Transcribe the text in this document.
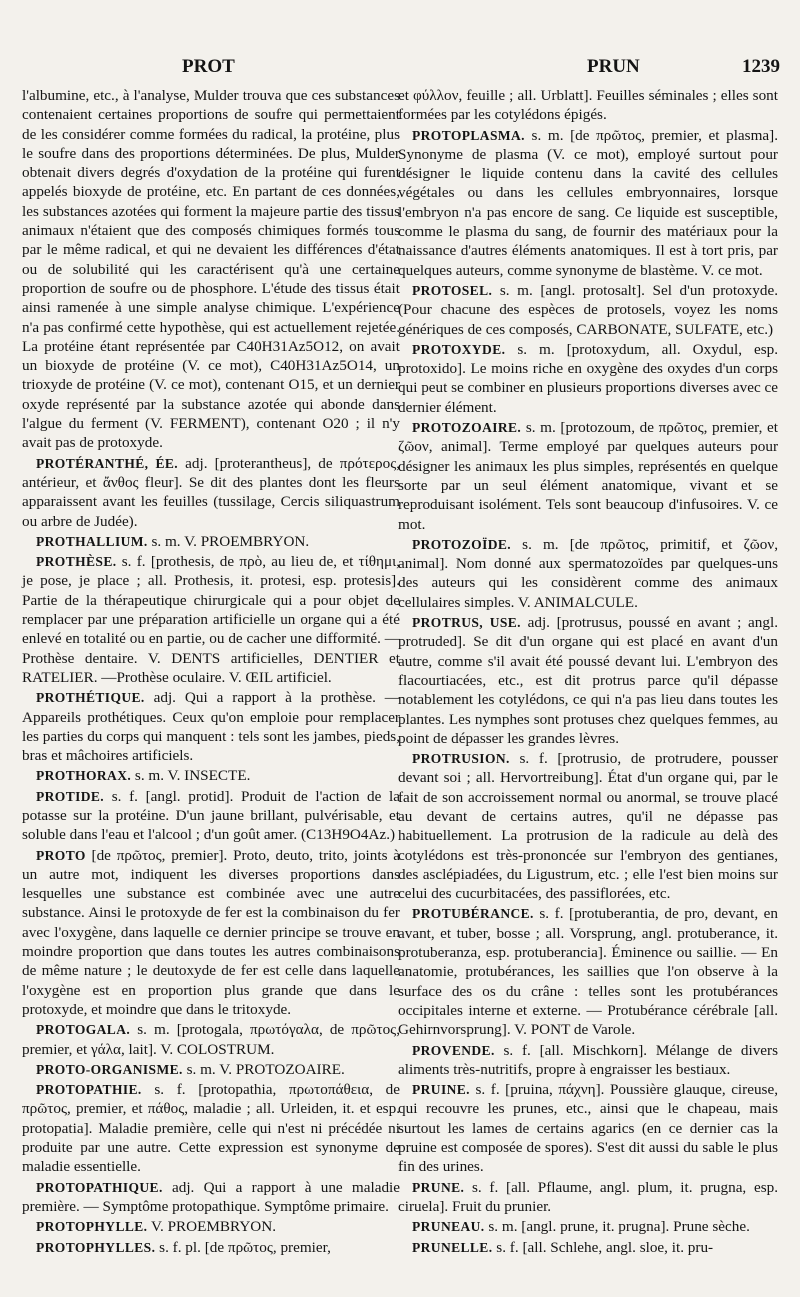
PROT	PRUN	1239

l'albumine, etc., à l'analyse, Mulder trouva que ces substances contenaient certaines proportions de soufre qui permettaient de les considérer comme formées du radical, la protéine, plus le soufre dans des proportions déterminées. De plus, Mulder obtenait divers degrés d'oxydation de la protéine qui furent appelés bioxyde de protéine, etc. En partant de ces données, les substances azotées qui forment la majeure partie des tissus animaux n'étaient que des composés chimiques formés tous par le même radical, et qui ne devaient les différences d'état ou de solubilité qui les caractérisent qu'à une certaine proportion de soufre ou de phosphore. L'étude des tissus était ainsi ramenée à une simple analyse chimique. L'expérience n'a pas confirmé cette hypothèse, qui est actuellement rejetée. La protéine étant représentée par C40H31Az5O12, on avait un bioxyde de protéine (V. ce mot), C40H31Az5O14, un trioxyde de protéine (V. ce mot), contenant O15, et un dernier oxyde représenté par la substance azotée qui abonde dans l'algue du ferment (V. FERMENT), contenant O20 ; il n'y avait pas de protoxyde.

PROTÉRANTHÉ, ÉE. adj. [proterantheus], de πρότερος, antérieur, et ἄνθος fleur]. Se dit des plantes dont les fleurs apparaissent avant les feuilles (tussilage, Cercis siliquastrum ou arbre de Judée).

PROTHALLIUM. s. m. V. PROEMBRYON.

PROTHÈSE. s. f. [prothesis, de πρὸ, au lieu de, et τίθημι, je pose, je place ; all. Prothesis, it. protesi, esp. protesis]. Partie de la thérapeutique chirurgicale qui a pour objet de remplacer par une préparation artificielle un organe qui a été enlevé en totalité ou en partie, ou de cacher une difformité. —Prothèse dentaire. V. DENTS artificielles, DENTIER et RATELIER. —Prothèse oculaire. V. ŒIL artificiel.

PROTHÉTIQUE. adj. Qui a rapport à la prothèse. — Appareils prothétiques. Ceux qu'on emploie pour remplacer les parties du corps qui manquent : tels sont les jambes, pieds, bras et mâchoires artificiels.

PROTHORAX. s. m. V. INSECTE.

PROTIDE. s. f. [angl. protid]. Produit de l'action de la potasse sur la protéine. D'un jaune brillant, pulvérisable, et soluble dans l'eau et l'alcool ; d'un goût amer. (C13H9O4Az.)

PROTO [de πρῶτος, premier]. Proto, deuto, trito, joints à un autre mot, indiquent les diverses proportions dans lesquelles une substance est combinée avec une autre substance. Ainsi le protoxyde de fer est la combinaison du fer avec l'oxygène, dans laquelle ce dernier principe se trouve en moindre proportion que dans toutes les autres combinaisons de même nature ; le deutoxyde de fer est celle dans laquelle l'oxygène est en proportion plus grande que dans le protoxyde, et moindre que dans le tritoxyde.

PROTOGALA. s. m. [protogala, πρωτόγαλα, de πρῶτος, premier, et γάλα, lait]. V. COLOSTRUM.

PROTO-ORGANISME. s. m. V. PROTOZOAIRE.

PROTOPATHIE. s. f. [protopathia, πρωτοπάθεια, de πρῶτος, premier, et πάθος, maladie ; all. Urleiden, it. et esp. protopatia]. Maladie première, celle qui n'est ni précédée ni produite par une autre. Cette expression est synonyme de maladie essentielle.

PROTOPATHIQUE. adj. Qui a rapport à une maladie première. — Symptôme protopathique. Symptôme primaire.

PROTOPHYLLE. V. PROEMBRYON.

PROTOPHYLLES. s. f. pl. [de πρῶτος, premier,

et φύλλον, feuille ; all. Urblatt]. Feuilles séminales ; elles sont formées par les cotylédons épigés.

PROTOPLASMA. s. m. [de πρῶτος, premier, et plasma]. Synonyme de plasma (V. ce mot), employé surtout pour désigner le liquide contenu dans la cavité des cellules végétales ou dans les cellules embryonnaires, lorsque l'embryon n'a pas encore de sang. Ce liquide est susceptible, comme le plasma du sang, de fournir des matériaux pour la naissance d'autres éléments anatomiques. Il est à tort pris, par quelques auteurs, comme synonyme de blastème. V. ce mot.

PROTOSEL. s. m. [angl. protosalt]. Sel d'un protoxyde. (Pour chacune des espèces de protosels, voyez les noms génériques de ces composés, CARBONATE, SULFATE, etc.)

PROTOXYDE. s. m. [protoxydum, all. Oxydul, esp. protoxido]. Le moins riche en oxygène des oxydes d'un corps qui peut se combiner en plusieurs proportions diverses avec ce dernier élément.

PROTOZOAIRE. s. m. [protozoum, de πρῶτος, premier, et ζῶον, animal]. Terme employé par quelques auteurs pour désigner les animaux les plus simples, représentés en quelque sorte par un seul élément anatomique, vivant et se reproduisant isolément. Tels sont beaucoup d'infusoires. V. ce mot.

PROTOZOÏDE. s. m. [de πρῶτος, primitif, et ζῶον, animal]. Nom donné aux spermatozoïdes par quelques-uns des auteurs qui les considèrent comme des animaux cellulaires simples. V. ANIMALCULE.

PROTRUS, USE. adj. [protrusus, poussé en avant ; angl. protruded]. Se dit d'un organe qui est placé en avant d'un autre, comme s'il avait été poussé devant lui. L'embryon des flacourtiacées, etc., est dit protrus parce qu'il dépasse notablement les cotylédons, ce qui n'a pas lieu dans toutes les plantes. Les nymphes sont protuses chez quelques femmes, au point de dépasser les grandes lèvres.

PROTRUSION. s. f. [protrusio, de protrudere, pousser devant soi ; all. Hervortreibung]. État d'un organe qui, par le fait de son accroissement normal ou anormal, se trouve placé au devant de certains autres, qu'il ne dépasse pas habituellement. La protrusion de la radicule au delà des cotylédons est très-prononcée sur l'embryon des gentianes, des asclépiadées, du Ligustrum, etc. ; elle l'est bien moins sur celui des cucurbitacées, des passiflorées, etc.

PROTUBÉRANCE. s. f. [protuberantia, de pro, devant, en avant, et tuber, bosse ; all. Vorsprung, angl. protuberance, it. protuberanza, esp. protuberancia]. Éminence ou saillie. — En anatomie, protubérances, les saillies que l'on observe à la surface des os du crâne : telles sont les protubérances occipitales interne et externe. — Protubérance cérébrale [all. Gehirnvorsprung]. V. PONT de Varole.

PROVENDE. s. f. [all. Mischkorn]. Mélange de divers aliments très-nutritifs, propre à engraisser les bestiaux.

PRUINE. s. f. [pruina, πάχνη]. Poussière glauque, cireuse, qui recouvre les prunes, etc., ainsi que le chapeau, mais surtout les lames de certains agarics (en ce dernier cas la pruine est composée de spores). S'est dit aussi du sable le plus fin des urines.

PRUNE. s. f. [all. Pflaume, angl. plum, it. prugna, esp. ciruela]. Fruit du prunier.

PRUNEAU. s. m. [angl. prune, it. prugna]. Prune sèche.

PRUNELLE. s. f. [all. Schlehe, angl. sloe, it. pru-
